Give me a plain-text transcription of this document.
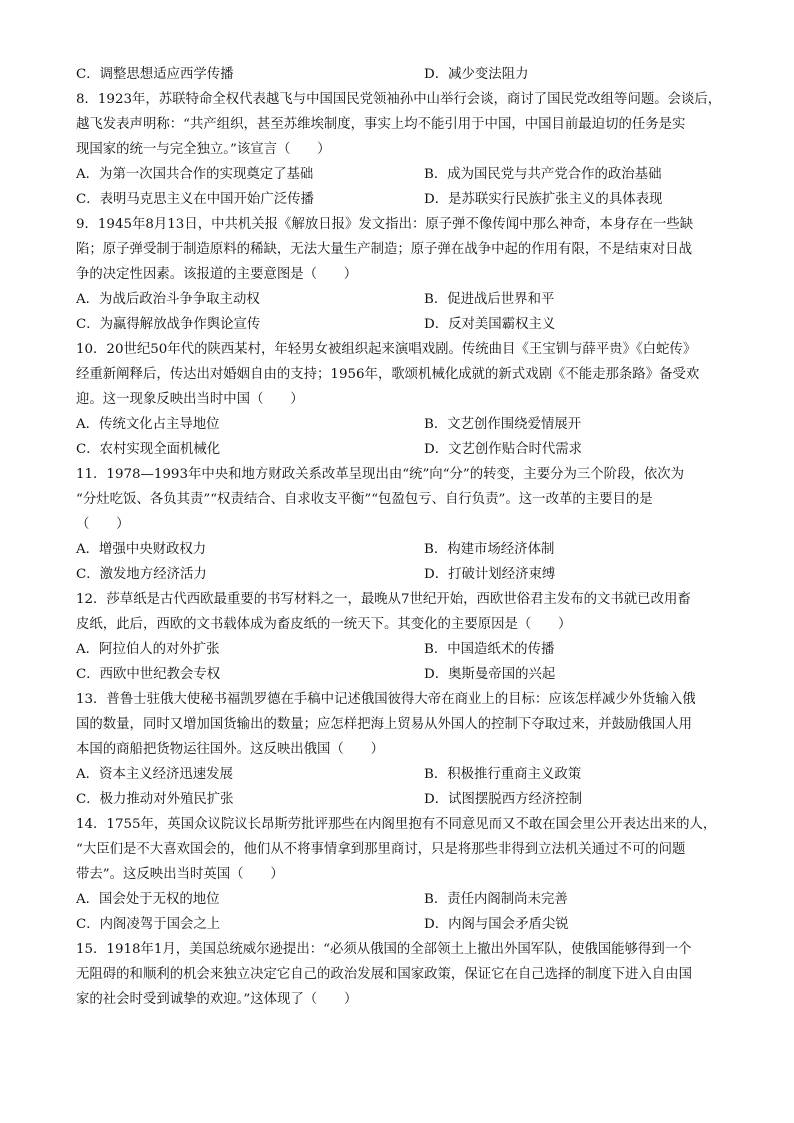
C．调整思想适应西学传播	D．减少变法阻力
8．1923年，苏联特命全权代表越飞与中国国民党领袖孙中山举行会谈，商讨了国民党改组等问题。会谈后，
越飞发表声明称：“共产组织，甚至苏维埃制度，事实上均不能引用于中国，中国目前最迫切的任务是实
现国家的统一与完全独立。”该宣言（　　）
A．为第一次国共合作的实现奠定了基础	B．成为国民党与共产党合作的政治基础
C．表明马克思主义在中国开始广泛传播	D．是苏联实行民族扩张主义的具体表现
9．1945年8月13日，中共机关报《解放日报》发文指出：原子弹不像传闻中那么神奇，本身存在一些缺
陷；原子弹受制于制造原料的稀缺，无法大量生产制造；原子弹在战争中起的作用有限，不是结束对日战
争的决定性因素。该报道的主要意图是（　　）
A．为战后政治斗争争取主动权	B．促进战后世界和平
C．为赢得解放战争作舆论宣传	D．反对美国霸权主义
10．20世纪50年代的陕西某村，年轻男女被组织起来演唱戏剧。传统曲目《王宝钏与薛平贵》《白蛇传》
经重新阐释后，传达出对婚姻自由的支持；1956年，歌颂机械化成就的新式戏剧《不能走那条路》备受欢
迎。这一现象反映出当时中国（　　）
A．传统文化占主导地位	B．文艺创作围绕爱情展开
C．农村实现全面机械化	D．文艺创作贴合时代需求
11．1978—1993年中央和地方财政关系改革呈现出由“统”向“分”的转变，主要分为三个阶段，依次为
“分灶吃饭、各负其责”“权责结合、自求收支平衡”“包盈包亏、自行负责”。这一改革的主要目的是
（　　）
A．增强中央财政权力	B．构建市场经济体制
C．激发地方经济活力	D．打破计划经济束缚
12．莎草纸是古代西欧最重要的书写材料之一，最晚从7世纪开始，西欧世俗君主发布的文书就已改用畜
皮纸，此后，西欧的文书载体成为畜皮纸的一统天下。其变化的主要原因是（　　）
A．阿拉伯人的对外扩张	B．中国造纸术的传播
C．西欧中世纪教会专权	D．奥斯曼帝国的兴起
13．普鲁士驻俄大使秘书福凯罗德在手稿中记述俄国彼得大帝在商业上的目标：应该怎样减少外货输入俄
国的数量，同时又增加国货输出的数量；应怎样把海上贸易从外国人的控制下夺取过来，并鼓励俄国人用
本国的商船把货物运往国外。这反映出俄国（　　）
A．资本主义经济迅速发展	B．积极推行重商主义政策
C．极力推动对外殖民扩张	D．试图摆脱西方经济控制
14．1755年，英国众议院议长昂斯劳批评那些在内阁里抱有不同意见而又不敢在国会里公开表达出来的人，
“大臣们是不大喜欢国会的，他们从不将事情拿到那里商讨，只是将那些非得到立法机关通过不可的问题
带去”。这反映出当时英国（　　）
A．国会处于无权的地位	B．责任内阁制尚未完善
C．内阁凌驾于国会之上	D．内阁与国会矛盾尖锐
15．1918年1月，美国总统威尔逊提出：“必须从俄国的全部领土上撤出外国军队，使俄国能够得到一个
无阻碍的和顺利的机会来独立决定它自己的政治发展和国家政策，保证它在自己选择的制度下进入自由国
家的社会时受到诚挚的欢迎。”这体现了（　　）
